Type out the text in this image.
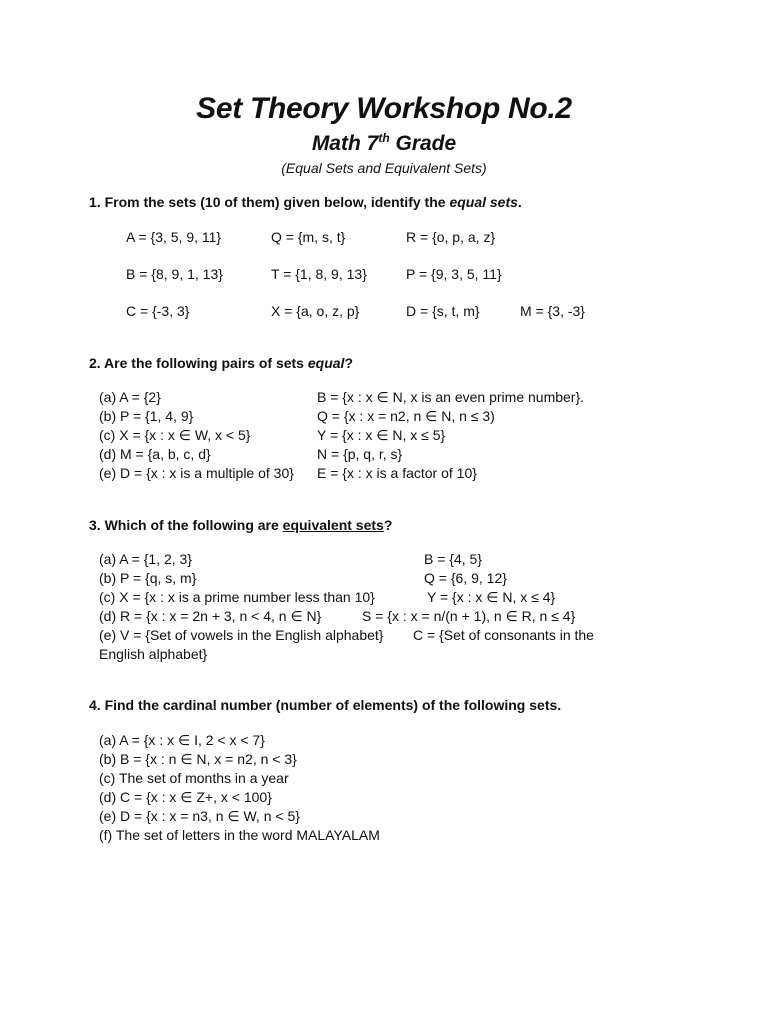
Set Theory Workshop No.2
Math 7th Grade
(Equal Sets and Equivalent Sets)
1. From the sets (10 of them) given below, identify the equal sets.
A = {3, 5, 9, 11}	Q = {m, s, t}	R = {o, p, a, z}
B = {8, 9, 1, 13}	T = {1, 8, 9, 13}	P = {9, 3, 5, 11}
C = {-3, 3}	X = {a, o, z, p}	D = {s, t, m}	M = {3, -3}
2. Are the following pairs of sets equal?
(a) A = {2}	B = {x : x ∈ N, x is an even prime number}.
(b) P = {1, 4, 9}	Q = {x : x = n2, n ∈ N, n ≤ 3)
(c) X = {x : x ∈ W, x < 5}	Y = {x : x ∈ N, x ≤ 5}
(d) M = {a, b, c, d}	N = {p, q, r, s}
(e) D = {x : x is a multiple of 30} E = {x : x is a factor of 10}
3. Which of the following are equivalent sets?
(a) A = {1, 2, 3}	B = {4, 5}
(b) P = {q, s, m}	Q = {6, 9, 12}
(c) X = {x : x is a prime number less than 10}	Y = {x : x ∈ N, x ≤ 4}
(d) R = {x : x = 2n + 3, n < 4, n ∈ N}	S = {x : x = n/(n + 1), n ∈ R, n ≤ 4}
(e) V = {Set of vowels in the English alphabet} C = {Set of consonants in the
English alphabet}
4. Find the cardinal number (number of elements) of the following sets.
(a) A = {x : x ∈ I, 2 < x < 7}
(b) B = {x : n ∈ N, x = n2, n < 3}
(c) The set of months in a year
(d) C = {x : x ∈ Z+, x < 100}
(e) D = {x : x = n3, n ∈ W, n < 5}
(f) The set of letters in the word MALAYALAM
